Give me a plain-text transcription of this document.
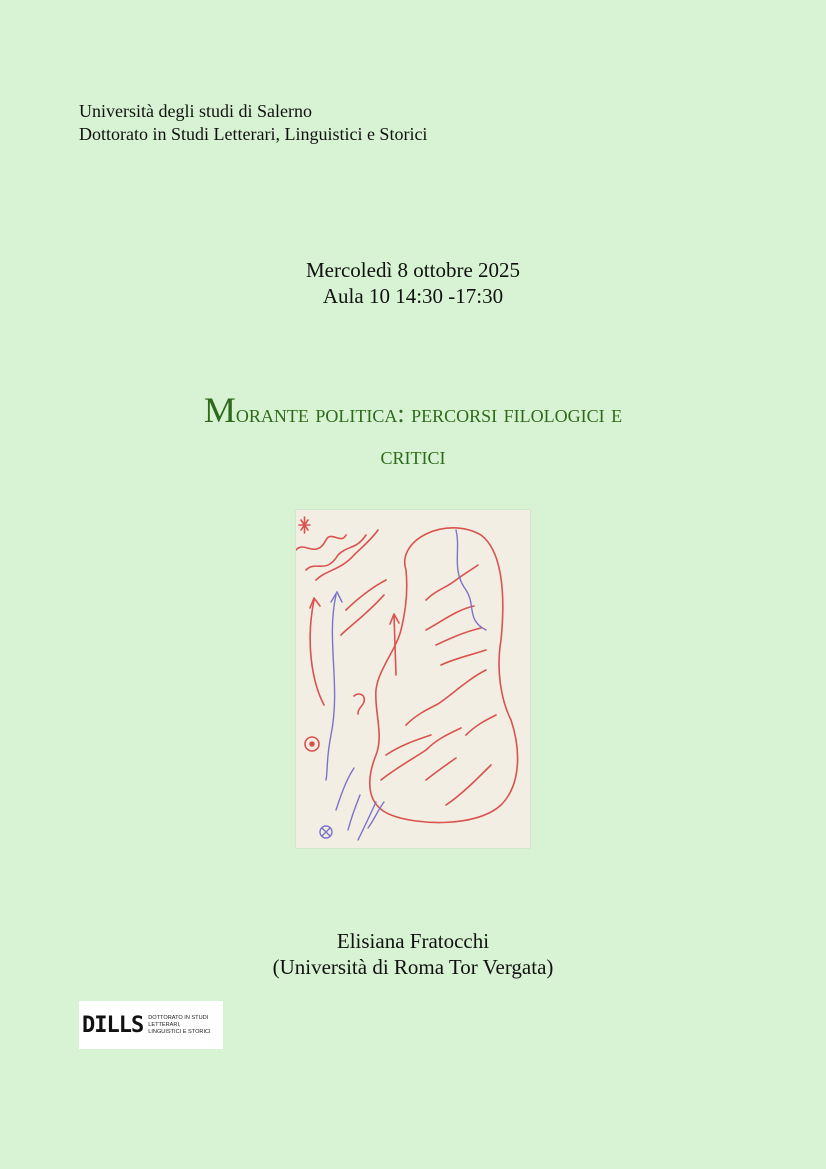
Università degli studi di Salerno
Dottorato in Studi Letterari, Linguistici e Storici
Mercoledì 8 ottobre 2025
Aula 10 14:30 -17:30
Morante politica: percorsi filologici e
critici
Elisiana Fratocchi
(Università di Roma Tor Vergata)
DILLS DOTTORATO IN STUDI LETTERARI,
LINGUISTICI E STORICI
